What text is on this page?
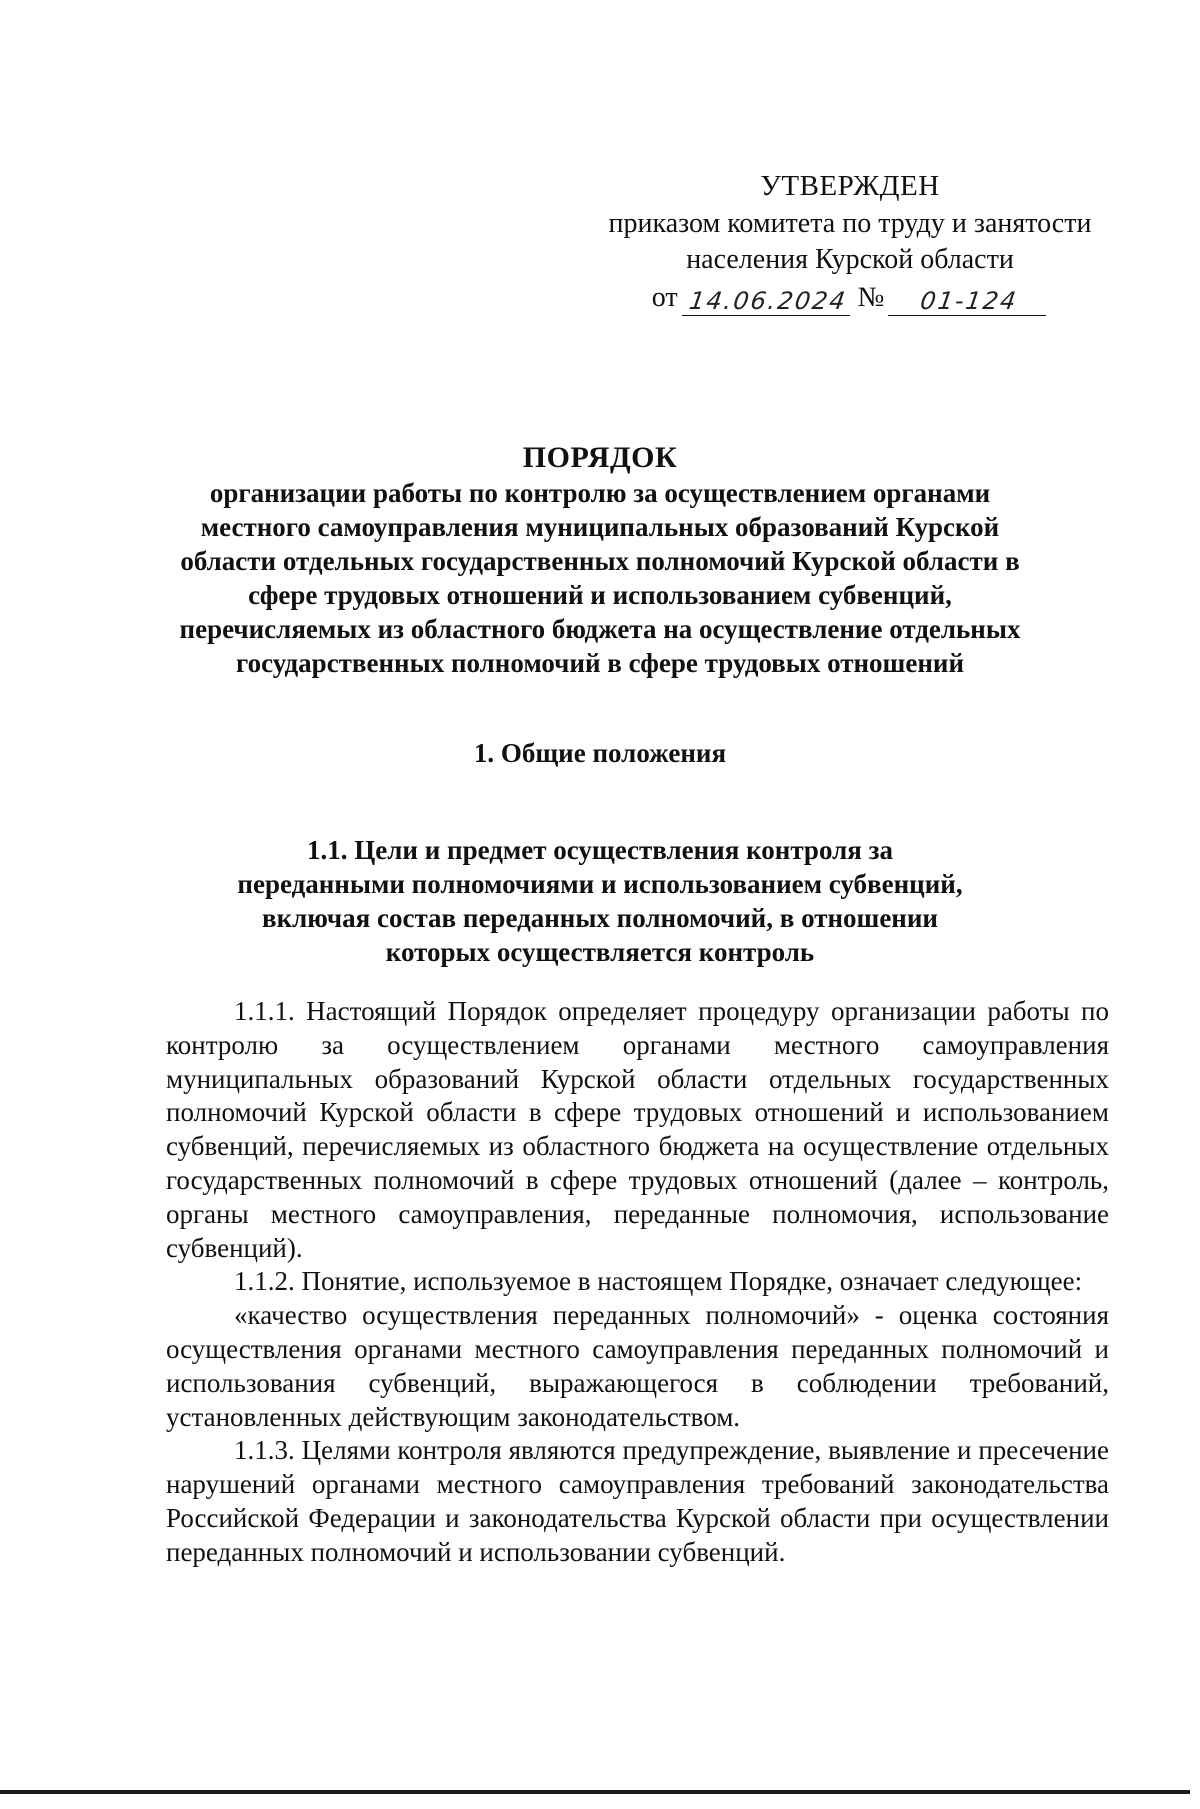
УТВЕРЖДЕН
приказом комитета по труду и занятости
населения Курской области
от 14.06.2024 №	01-124
ПОРЯДОК
организации работы по контролю за осуществлением органами местного самоуправления муниципальных образований Курской области отдельных государственных полномочий Курской области в сфере трудовых отношений и использованием субвенций, перечисляемых из областного бюджета на осуществление отдельных государственных полномочий в сфере трудовых отношений
1. Общие положения
1.1. Цели и предмет осуществления контроля за переданными полномочиями и использованием субвенций, включая состав переданных полномочий, в отношении которых осуществляется контроль

1.1.1. Настоящий Порядок определяет процедуру организации работы по контролю за осуществлением органами местного самоуправления муниципальных образований Курской области отдельных государственных полномочий Курской области в сфере трудовых отношений и использованием субвенций, перечисляемых из областного бюджета на осуществление отдельных государственных полномочий в сфере трудовых отношений (далее – контроль, органы местного самоуправления, переданные полномочия, использование субвенций).

1.1.2. Понятие, используемое в настоящем Порядке, означает следующее:

«качество осуществления переданных полномочий» - оценка состояния осуществления органами местного самоуправления переданных полномочий и использования субвенций, выражающегося в соблюдении требований, установленных действующим законодательством.

1.1.3. Целями контроля являются предупреждение, выявление и пресечение нарушений органами местного самоуправления требований законодательства Российской Федерации и законодательства Курской области при осуществлении переданных полномочий и использовании субвенций.
